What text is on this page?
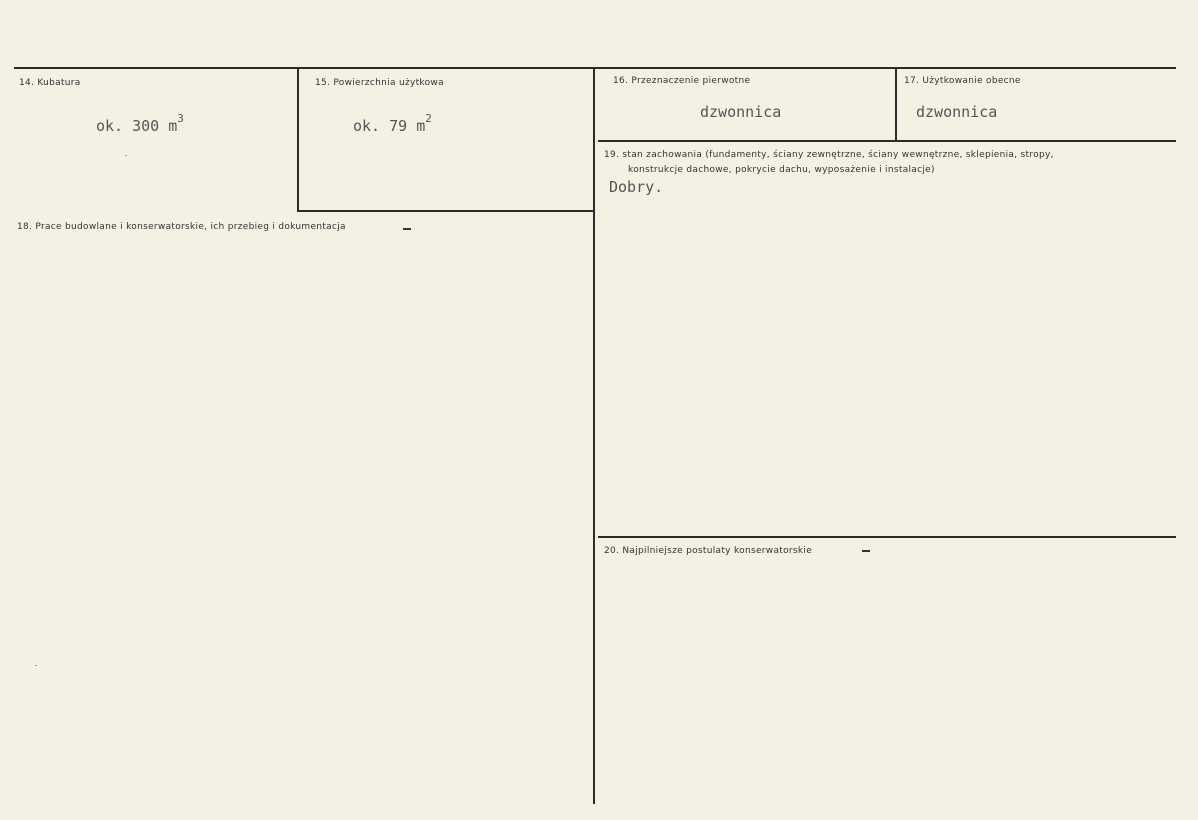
14. Kubatura
ok. 300 $m^3$
15. Powierzchnia użytkowa
ok. 79 $m^2$
16. Przeznaczenie pierwotne
dzwonnica
17. Użytkowanie obecne
dzwonnica
18. Prace budowlane i konserwatorskie, ich przebieg i dokumentacja
19. stan zachowania (fundamenty, ściany zewnętrzne, ściany wewnętrzne, sklepienia, stropy,
konstrukcje dachowe, pokrycie dachu, wyposażenie i instalacje)
Dobry.
20. Najpilniejsze postulaty konserwatorskie
